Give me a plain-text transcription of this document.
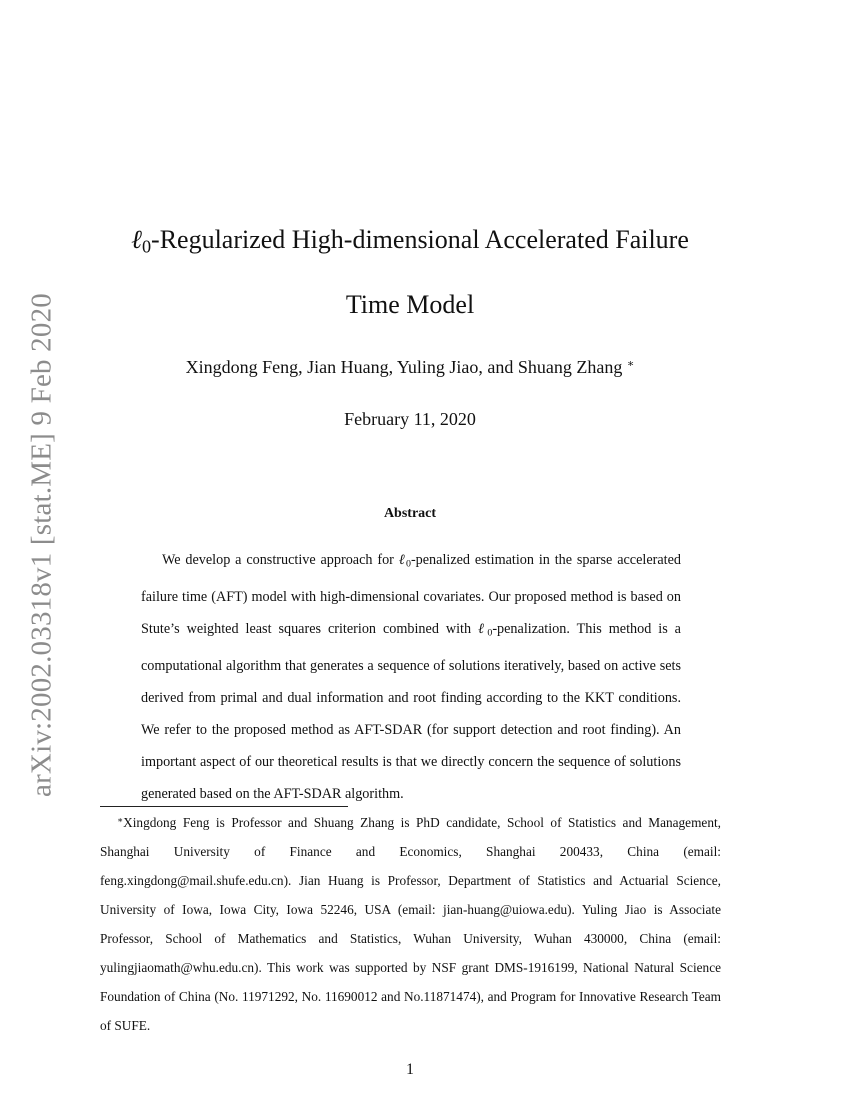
arXiv:2002.03318v1 [stat.ME] 9 Feb 2020
ℓ$_0$-Regularized High-dimensional Accelerated Failure
Time Model
Xingdong Feng, Jian Huang, Yuling Jiao, and Shuang Zhang ∗
February 11, 2020
Abstract

We develop a constructive approach for ℓ$_0$-penalized estimation in the sparse accelerated failure time (AFT) model with high-dimensional covariates. Our proposed method is based on Stute’s weighted least squares criterion combined with ℓ$_0$-penalization. This method is a computational algorithm that generates a sequence of solutions iteratively, based on active sets derived from primal and dual information and root finding according to the KKT conditions. We refer to the proposed method as AFT-SDAR (for support detection and root finding). An important aspect of our theoretical results is that we directly concern the sequence of solutions generated based on the AFT-SDAR algorithm.

∗Xingdong Feng is Professor and Shuang Zhang is PhD candidate, School of Statistics and Management, Shanghai University of Finance and Economics, Shanghai 200433, China (email: feng.xingdong@mail.shufe.edu.cn). Jian Huang is Professor, Department of Statistics and Actuarial Science, University of Iowa, Iowa City, Iowa 52246, USA (email: jian-huang@uiowa.edu). Yuling Jiao is Associate Professor, School of Mathematics and Statistics, Wuhan University, Wuhan 430000, China (email: yulingjiaomath@whu.edu.cn). This work was supported by NSF grant DMS-1916199, National Natural Science Foundation of China (No. 11971292, No. 11690012 and No.11871474), and Program for Innovative Research Team of SUFE.

1
